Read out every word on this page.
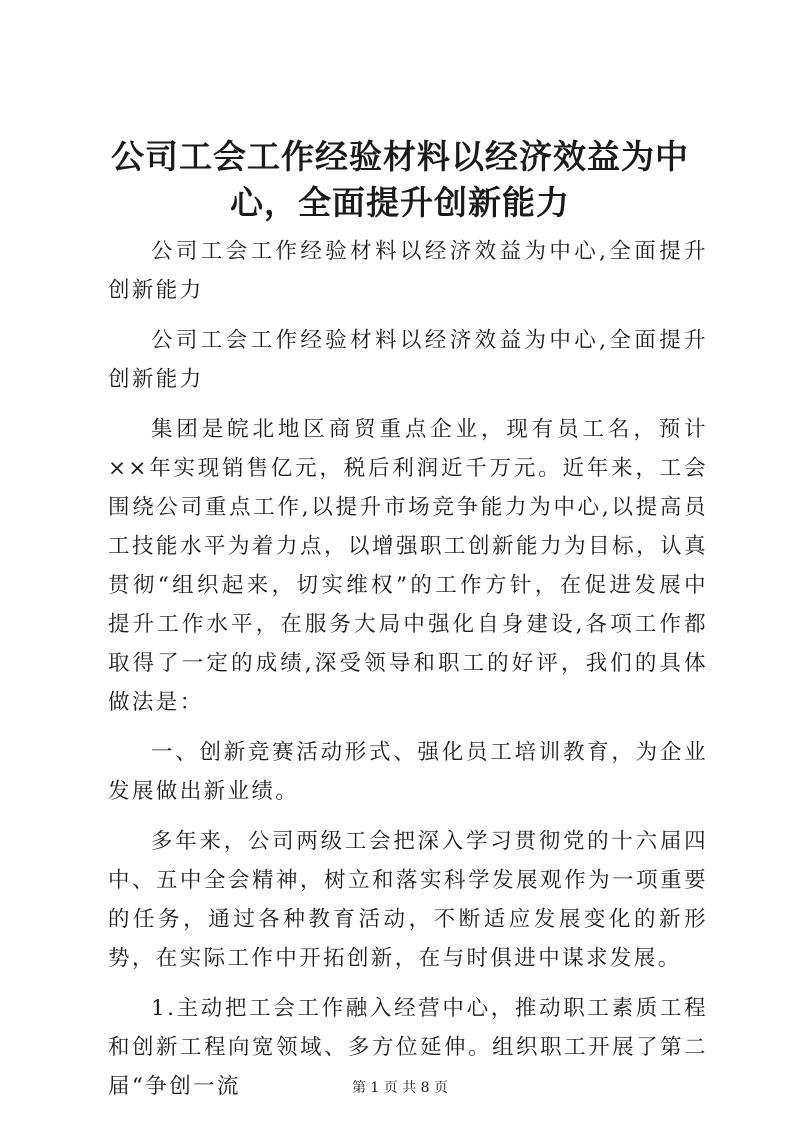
公司工会工作经验材料以经济效益为中心，全面提升创新能力

公司工会工作经验材料以经济效益为中心,全面提升创新能力

公司工会工作经验材料以经济效益为中心,全面提升创新能力

集团是皖北地区商贸重点企业，现有员工名，预计××年实现销售亿元，税后利润近千万元。近年来，工会围绕公司重点工作,以提升市场竞争能力为中心,以提高员工技能水平为着力点，以增强职工创新能力为目标，认真贯彻“组织起来，切实维权”的工作方针，在促进发展中提升工作水平，在服务大局中强化自身建设,各项工作都取得了一定的成绩,深受领导和职工的好评，我们的具体做法是：

一、创新竞赛活动形式、强化员工培训教育，为企业发展做出新业绩。

多年来，公司两级工会把深入学习贯彻党的十六届四中、五中全会精神，树立和落实科学发展观作为一项重要的任务，通过各种教育活动，不断适应发展变化的新形势，在实际工作中开拓创新，在与时俱进中谋求发展。

1.主动把工会工作融入经营中心，推动职工素质工程和创新工程向宽领域、多方位延伸。组织职工开展了第二届“争创一流	第 1 页 共 8 页
